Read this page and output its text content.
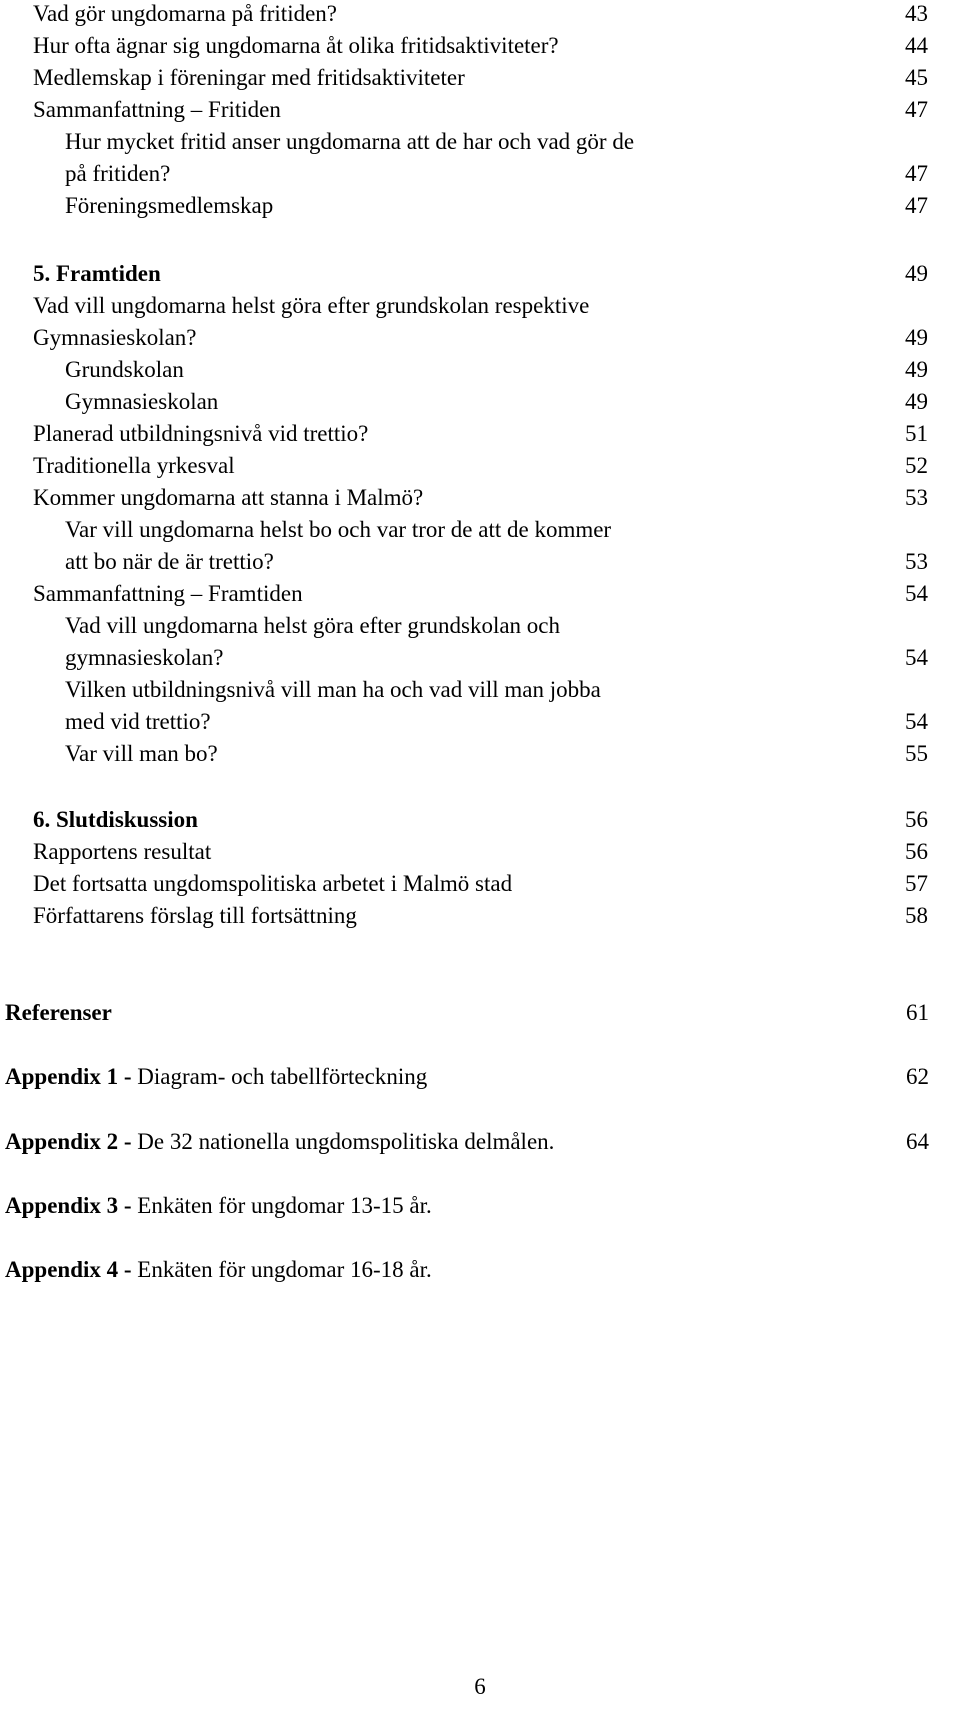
Vad gör ungdomarna på fritiden?	43
Hur ofta ägnar sig ungdomarna åt olika fritidsaktiviteter?	44
Medlemskap i föreningar med fritidsaktiviteter	45
Sammanfattning – Fritiden	47
Hur mycket fritid anser ungdomarna att de har och vad gör de
på fritiden?	47
Föreningsmedlemskap	47
5. Framtiden	49
Vad vill ungdomarna helst göra efter grundskolan respektive
Gymnasieskolan?	49
Grundskolan	49
Gymnasieskolan	49
Planerad utbildningsnivå vid trettio?	51
Traditionella yrkesval	52
Kommer ungdomarna att stanna i Malmö?	53
Var vill ungdomarna helst bo och var tror de att de kommer
att bo när de är trettio?	53
Sammanfattning – Framtiden	54
Vad vill ungdomarna helst göra efter grundskolan och
gymnasieskolan?	54
Vilken utbildningsnivå vill man ha och vad vill man jobba
med vid trettio?	54
Var vill man bo?	55
6. Slutdiskussion	56
Rapportens resultat	56
Det fortsatta ungdomspolitiska arbetet i Malmö stad	57
Författarens förslag till fortsättning	58
Referenser	61
Appendix 1 - Diagram- och tabellförteckning	62
Appendix 2 - De 32 nationella ungdomspolitiska delmålen.	64
Appendix 3 - Enkäten för ungdomar 13-15 år.
Appendix 4 - Enkäten för ungdomar 16-18 år.
6
